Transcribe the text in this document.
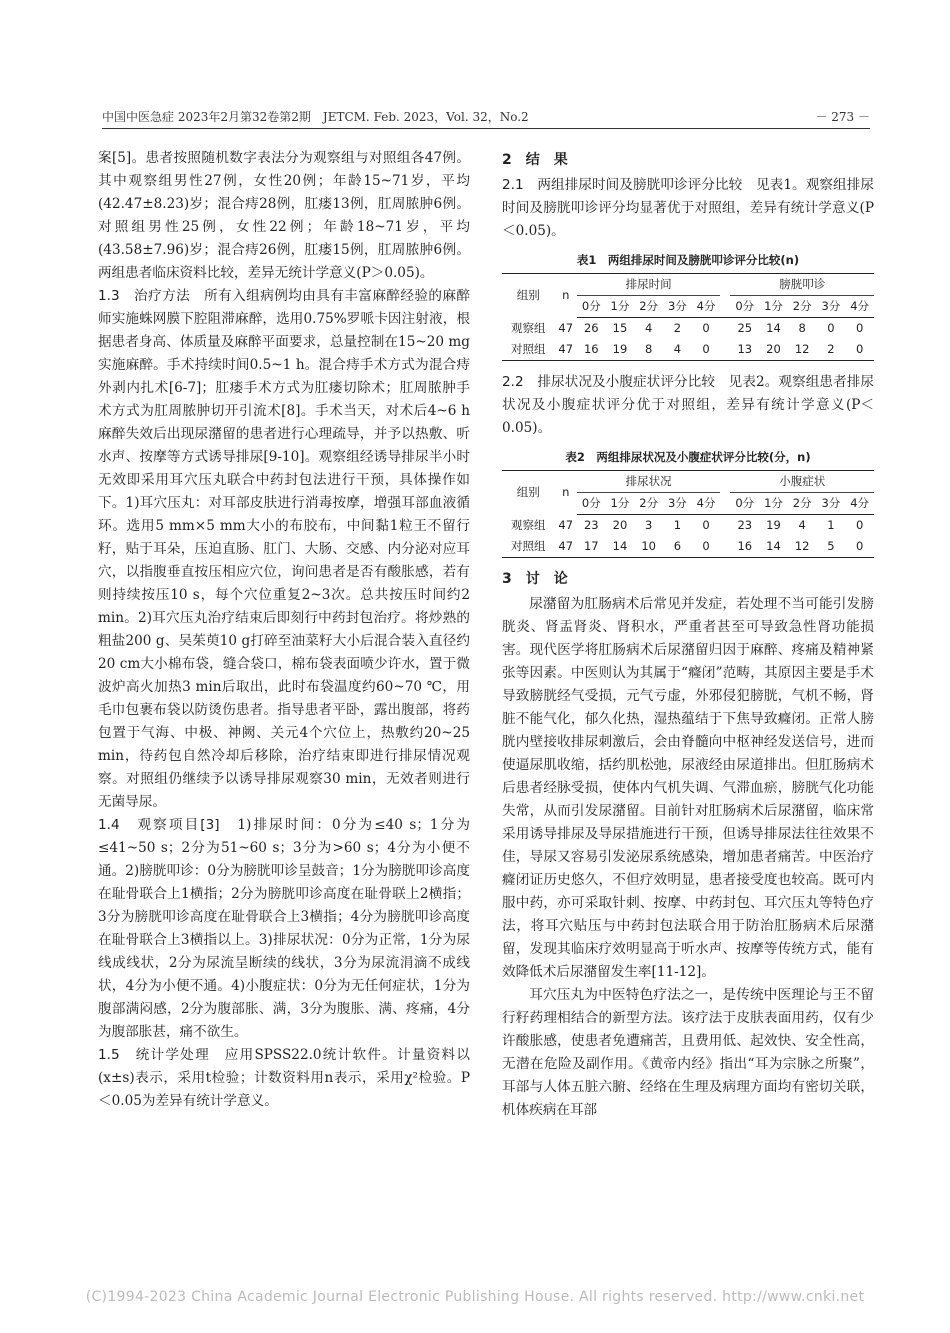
中国中医急症 2023年2月第32卷第2期　JETCM. Feb. 2023，Vol. 32，No.2	－ 273 －

案[5]。患者按照随机数字表法分为观察组与对照组各47例。其中观察组男性27例，女性20例；年龄15~71岁，平均(42.47±8.23)岁；混合痔28例，肛瘘13例，肛周脓肿6例。对照组男性25例，女性22例；年龄18~71岁，平均(43.58±7.96)岁；混合痔26例，肛瘘15例，肛周脓肿6例。两组患者临床资料比较，差异无统计学意义(P＞0.05)。

1.3　治疗方法　所有入组病例均由具有丰富麻醉经验的麻醉师实施蛛网膜下腔阻滞麻醉，选用0.75%罗哌卡因注射液，根据患者身高、体质量及麻醉平面要求，总量控制在15~20 mg实施麻醉。手术持续时间0.5~1 h。混合痔手术方式为混合痔外剥内扎术[6-7]；肛瘘手术方式为肛瘘切除术；肛周脓肿手术方式为肛周脓肿切开引流术[8]。手术当天，对术后4~6 h麻醉失效后出现尿潴留的患者进行心理疏导，并予以热敷、听水声、按摩等方式诱导排尿[9-10]。观察组经诱导排尿半小时无效即采用耳穴压丸联合中药封包法进行干预，具体操作如下。1)耳穴压丸：对耳部皮肤进行消毒按摩，增强耳部血液循环。选用5 mm×5 mm大小的布胶布，中间黏1粒王不留行籽，贴于耳朵，压迫直肠、肛门、大肠、交感、内分泌对应耳穴，以指腹垂直按压相应穴位，询问患者是否有酸胀感，若有则持续按压10 s，每个穴位重复2~3次。总共按压时间约2 min。2)耳穴压丸治疗结束后即刻行中药封包治疗。将炒熟的粗盐200 g、吴茱萸10 g打碎至油菜籽大小后混合装入直径约20 cm大小棉布袋，缝合袋口，棉布袋表面喷少许水，置于微波炉高火加热3 min后取出，此时布袋温度约60~70 ℃，用毛巾包裹布袋以防烫伤患者。指导患者平卧，露出腹部，将药包置于气海、中极、神阙、关元4个穴位上，热敷约20~25 min，待药包自然冷却后移除，治疗结束即进行排尿情况观察。对照组仍继续予以诱导排尿观察30 min，无效者则进行无菌导尿。

1.4　观察项目[3]　1)排尿时间：0分为≤40 s；1分为≤41~50 s；2分为51~60 s；3分为>60 s；4分为小便不通。2)膀胱叩诊：0分为膀胱叩诊呈鼓音；1分为膀胱叩诊高度在耻骨联合上1横指；2分为膀胱叩诊高度在耻骨联上2横指；3分为膀胱叩诊高度在耻骨联合上3横指；4分为膀胱叩诊高度在耻骨联合上3横指以上。3)排尿状况：0分为正常，1分为尿线成线状，2分为尿流呈断续的线状，3分为尿流涓滴不成线状，4分为小便不通。4)小腹症状：0分为无任何症状，1分为腹部满闷感，2分为腹部胀、满，3分为腹胀、满、疼痛，4分为腹部胀甚，痛不欲生。

1.5　统计学处理　应用SPSS22.0统计软件。计量资料以(x±s)表示，采用t检验；计数资料用n表示，采用χ²检验。P＜0.05为差异有统计学意义。

2　结　果

2.1　两组排尿时间及膀胱叩诊评分比较　见表1。观察组排尿时间及膀胱叩诊评分均显著优于对照组，差异有统计学意义(P＜0.05)。

表1　两组排尿时间及膀胱叩诊评分比较(n)
组别	n	排尿时间						膀胱叩诊				
		0分	1分	2分	3分	4分		0分	1分	2分	3分	4分
观察组	47	26	15	4	2	0		25	14	8	0	0
对照组	47	16	19	8	4	0		13	20	12	2	0

2.2　排尿状况及小腹症状评分比较　见表2。观察组患者排尿状况及小腹症状评分优于对照组，差异有统计学意义(P＜0.05)。

表2　两组排尿状况及小腹症状评分比较(分，n)
组别	n	排尿状况						小腹症状				
		0分	1分	2分	3分	4分		0分	1分	2分	3分	4分
观察组	47	23	20	3	1	0		23	19	4	1	0
对照组	47	17	14	10	6	0		16	14	12	5	0
3　讨　论

尿潴留为肛肠病术后常见并发症，若处理不当可能引发膀胱炎、肾盂肾炎、肾积水，严重者甚至可导致急性肾功能损害。现代医学将肛肠病术后尿潴留归因于麻醉、疼痛及精神紧张等因素。中医则认为其属于“癃闭”范畴，其原因主要是手术导致膀胱经气受损，元气亏虚，外邪侵犯膀胱，气机不畅，肾脏不能气化，郁久化热，湿热蕴结于下焦导致癃闭。正常人膀胱内壁接收排尿刺激后，会由脊髓向中枢神经发送信号，进而使逼尿肌收缩，括约肌松弛，尿液经由尿道排出。但肛肠病术后患者经脉受损，使体内气机失调、气滞血瘀，膀胱气化功能失常，从而引发尿潴留。目前针对肛肠病术后尿潴留，临床常采用诱导排尿及导尿措施进行干预，但诱导排尿法往往效果不佳，导尿又容易引发泌尿系统感染，增加患者痛苦。中医治疗癃闭证历史悠久，不但疗效明显，患者接受度也较高。既可内服中药，亦可采取针刺、按摩、中药封包、耳穴压丸等特色疗法，将耳穴贴压与中药封包法联合用于防治肛肠病术后尿潴留，发现其临床疗效明显高于听水声、按摩等传统方式，能有效降低术后尿潴留发生率[11-12]。

耳穴压丸为中医特色疗法之一，是传统中医理论与王不留行籽药理相结合的新型方法。该疗法于皮肤表面用药，仅有少许酸胀感，使患者免遭痛苦，且费用低、起效快、安全性高，无潜在危险及副作用。《黄帝内经》指出“耳为宗脉之所聚”，耳部与人体五脏六腑、经络在生理及病理方面均有密切关联，机体疾病在耳部

(C)1994-2023 China Academic Journal Electronic Publishing House. All rights reserved. http://www.cnki.net
